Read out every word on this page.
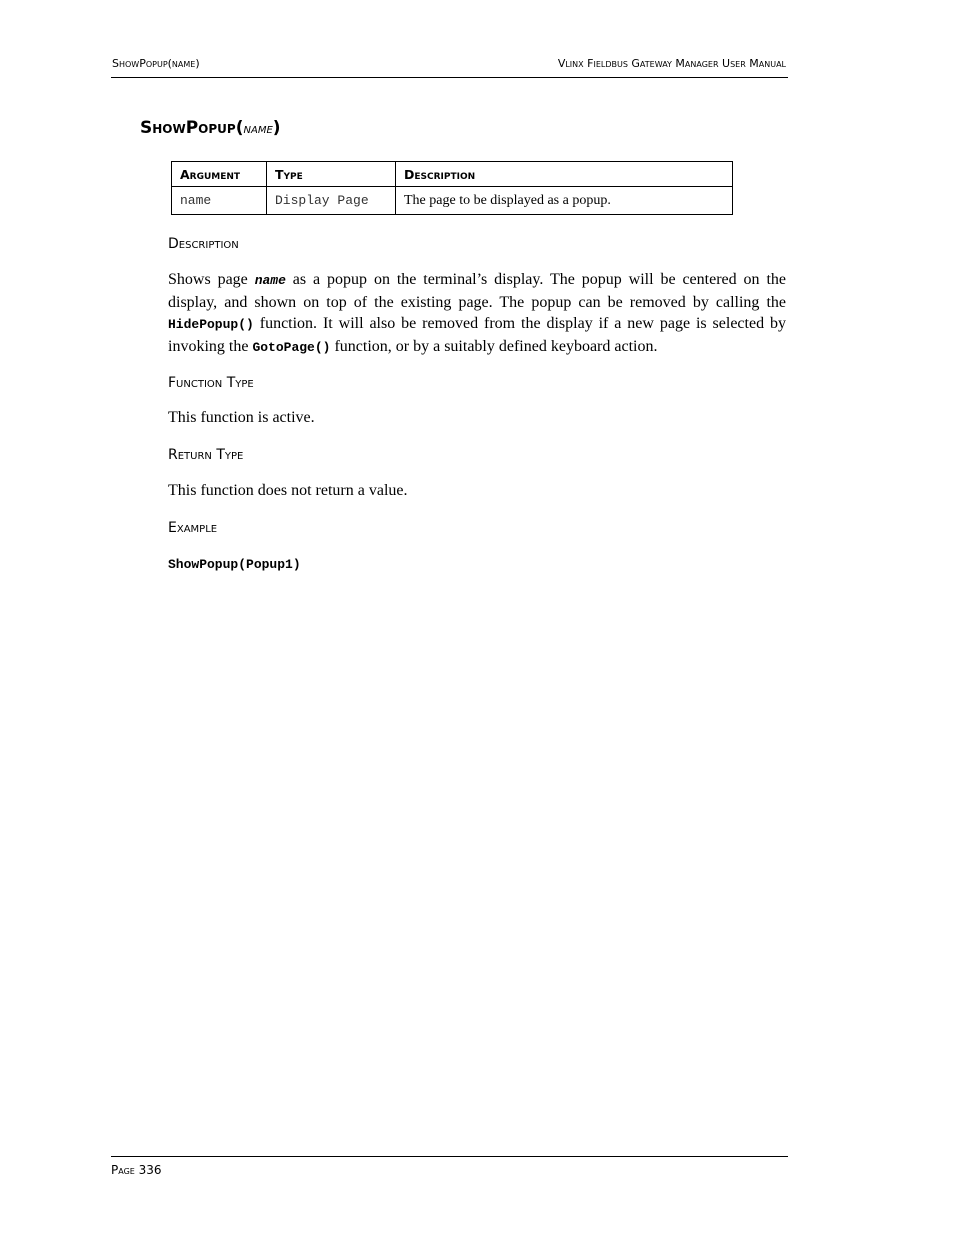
ShowPopup(name)	Vlinx Fieldbus Gateway Manager User Manual
ShowPopup(name)
Argument	Type	Description
name	Display Page	The page to be displayed as a popup.
Description
Shows page name as a popup on the terminal’s display. The popup will be centered on the display, and shown on top of the existing page. The popup can be removed by calling the HidePopup() function. It will also be removed from the display if a new page is selected by invoking the GotoPage() function, or by a suitably defined keyboard action.
Function Type
This function is active.
Return Type
This function does not return a value.
Example
ShowPopup(Popup1)
Page 336
